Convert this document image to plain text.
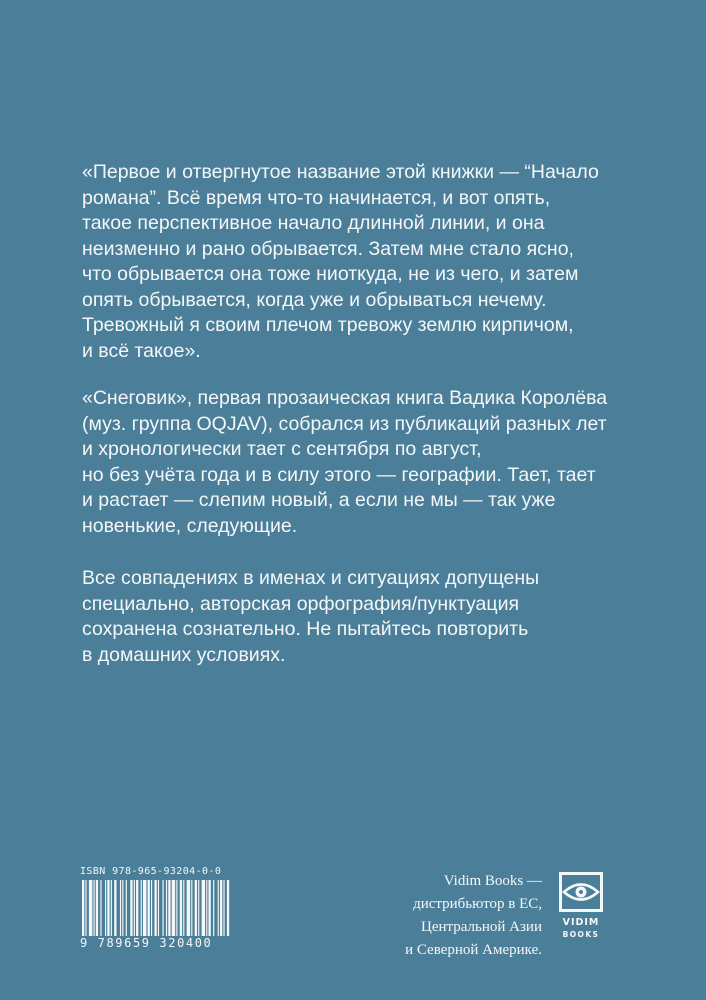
«Первое и отвергнутое название этой книжки — “Начало
романа”. Всё время что-то начинается, и вот опять,
такое перспективное начало длинной линии, и она
неизменно и рано обрывается. Затем мне стало ясно,
что обрывается она тоже ниоткуда, не из чего, и затем
опять обрывается, когда уже и обрываться нечему.
Тревожный я своим плечом тревожу землю кирпичом,
и всё такое».
«Снеговик», первая прозаическая книга Вадика Королёва
(муз. группа OQJAV), собрался из публикаций разных лет
и хронологически тает с сентября по август,
но без учёта года и в силу этого — географии. Тает, тает
и растает — слепим новый, а если не мы — так уже
новенькие, следующие.
Все совпадениях в именах и ситуациях допущены
специально, авторская орфография/пунктуация
сохранена сознательно. Не пытайтесь повторить
в домашних условиях.
ISBN 978-965-93204-0-0
9 789659 320400
Vidim Books —
дистрибьютор в ЕС,
Центральной Азии
и Северной Америке.
VIDIM
BOOKS
